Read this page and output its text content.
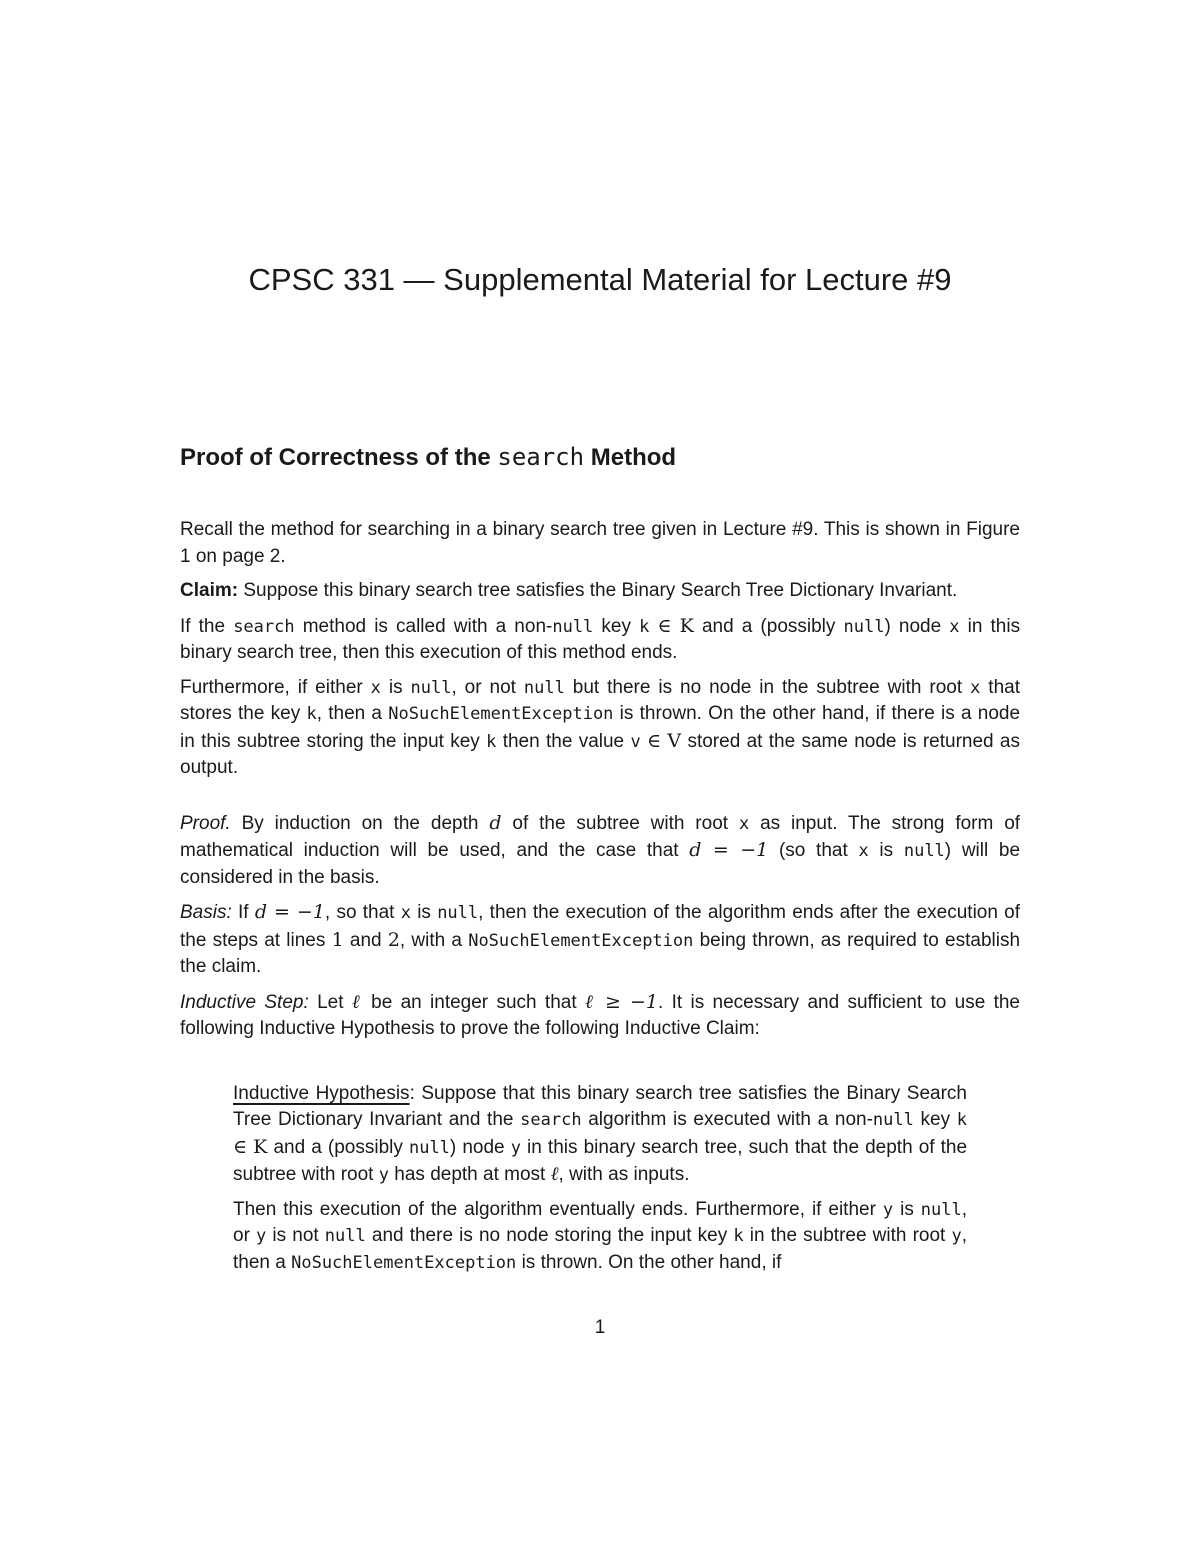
CPSC 331 — Supplemental Material for Lecture #9
Proof of Correctness of the search Method

Recall the method for searching in a binary search tree given in Lecture #9. This is shown in Figure 1 on page 2.

Claim: Suppose this binary search tree satisfies the Binary Search Tree Dictionary Invariant.

If the search method is called with a non-null key k ∈ K and a (possibly null) node x in this binary search tree, then this execution of this method ends.

Furthermore, if either x is null, or not null but there is no node in the subtree with root x that stores the key k, then a NoSuchElementException is thrown. On the other hand, if there is a node in this subtree storing the input key k then the value v ∈ V stored at the same node is returned as output.

Proof. By induction on the depth d of the subtree with root x as input. The strong form of mathematical induction will be used, and the case that d = −1 (so that x is null) will be considered in the basis.

Basis: If d = −1, so that x is null, then the execution of the algorithm ends after the execution of the steps at lines 1 and 2, with a NoSuchElementException being thrown, as required to establish the claim.

Inductive Step: Let ℓ be an integer such that ℓ ≥ −1. It is necessary and sufficient to use the following Inductive Hypothesis to prove the following Inductive Claim:

Inductive Hypothesis: Suppose that this binary search tree satisfies the Binary Search Tree Dictionary Invariant and the search algorithm is executed with a non-null key k ∈ K and a (possibly null) node y in this binary search tree, such that the depth of the subtree with root y has depth at most ℓ, with as inputs.

Then this execution of the algorithm eventually ends. Furthermore, if either y is null, or y is not null and there is no node storing the input key k in the subtree with root y, then a NoSuchElementException is thrown. On the other hand, if

1
